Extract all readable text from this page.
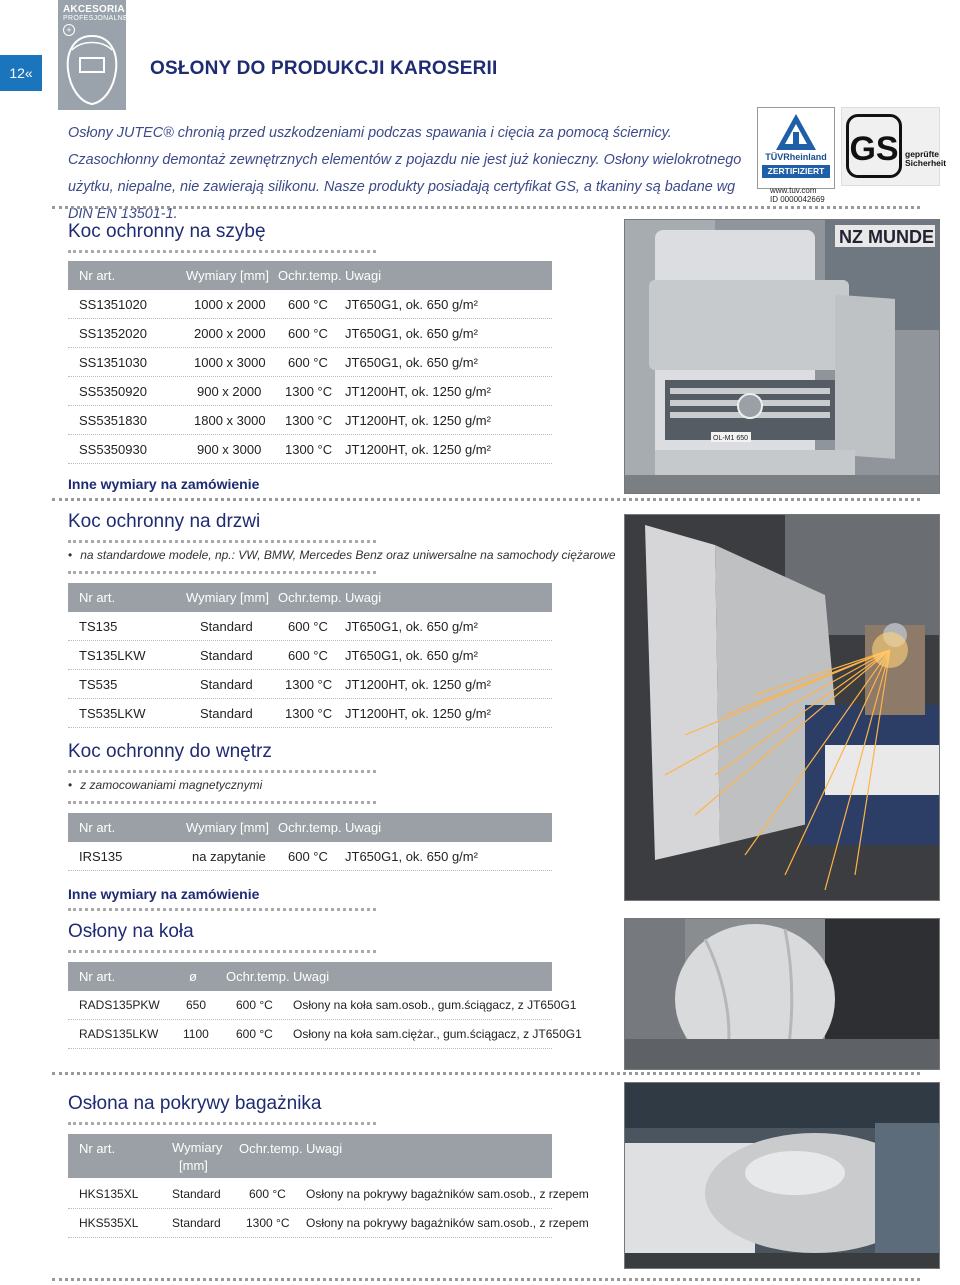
AKCESORIA
PROFESJONALNE
+
12«	OSŁONY DO PRODUKCJI KAROSERII
Osłony JUTEC® chronią przed uszkodzeniami podczas spawania i cięcia za pomocą ściernicy. Czasochłonny demontaż zewnętrznych elementów z pojazdu nie jest już konieczny. Osłony wielokrotnego użytku, niepalne, nie zawierają silikonu. Nasze produkty posiadają certyfikat GS, a tkaniny są badane wg DIN EN 13501-1.
TÜVRheinland
ZERTIFIZIERT
www.tuv.com
ID 0000042669
GS geprüfte
Sicherheit
Koc ochronny na szybę
Nr art.	Wymiary [mm] Ochr.temp. Uwagi
SS1351020	1000 x 2000 600 °C JT650G1, ok. 650 g/m²
SS1352020	2000 x 2000 600 °C JT650G1, ok. 650 g/m²
SS1351030	1000 x 3000 600 °C JT650G1, ok. 650 g/m²
SS5350920	900 x 2000 1300 °C JT1200HT, ok. 1250 g/m²
SS5351830	1800 x 3000 1300 °C JT1200HT, ok. 1250 g/m²
SS5350930	900 x 3000 1300 °C JT1200HT, ok. 1250 g/m²
Inne wymiary na zamówienie
Koc ochronny na drzwi
• na standardowe modele, np.: VW, BMW, Mercedes Benz oraz uniwersalne na samochody ciężarowe
Nr art.	Wymiary [mm] Ochr.temp. Uwagi
TS135	Standard	600 °C JT650G1, ok. 650 g/m²
TS135LKW	Standard	600 °C JT650G1, ok. 650 g/m²
TS535	Standard 1300 °C JT1200HT, ok. 1250 g/m²
TS535LKW	Standard 1300 °C JT1200HT, ok. 1250 g/m²
Koc ochronny do wnętrz
• z zamocowaniami magnetycznymi
Nr art.	Wymiary [mm] Ochr.temp. Uwagi
IRS135	na zapytanie 600 °C JT650G1, ok. 650 g/m²
Inne wymiary na zamówienie
Osłony na koła
Nr art.	ø Ochr.temp. Uwagi
RADS135PKW 650 600 °C Osłony na koła sam.osob., gum.ściągacz, z JT650G1
RADS135LKW 1100 600 °C Osłony na koła sam.ciężar., gum.ściągacz, z JT650G1
Osłona na pokrywy bagażnika
Nr art.	Wymiary
[mm]
Ochr.temp. Uwagi
HKS135XL	Standard 600 °C Osłony na pokrywy bagażników sam.osob., z rzepem
HKS535XL	Standard 1300 °C Osłony na pokrywy bagażników sam.osob., z rzepem
NZ MUNDE
OL-M1 650
